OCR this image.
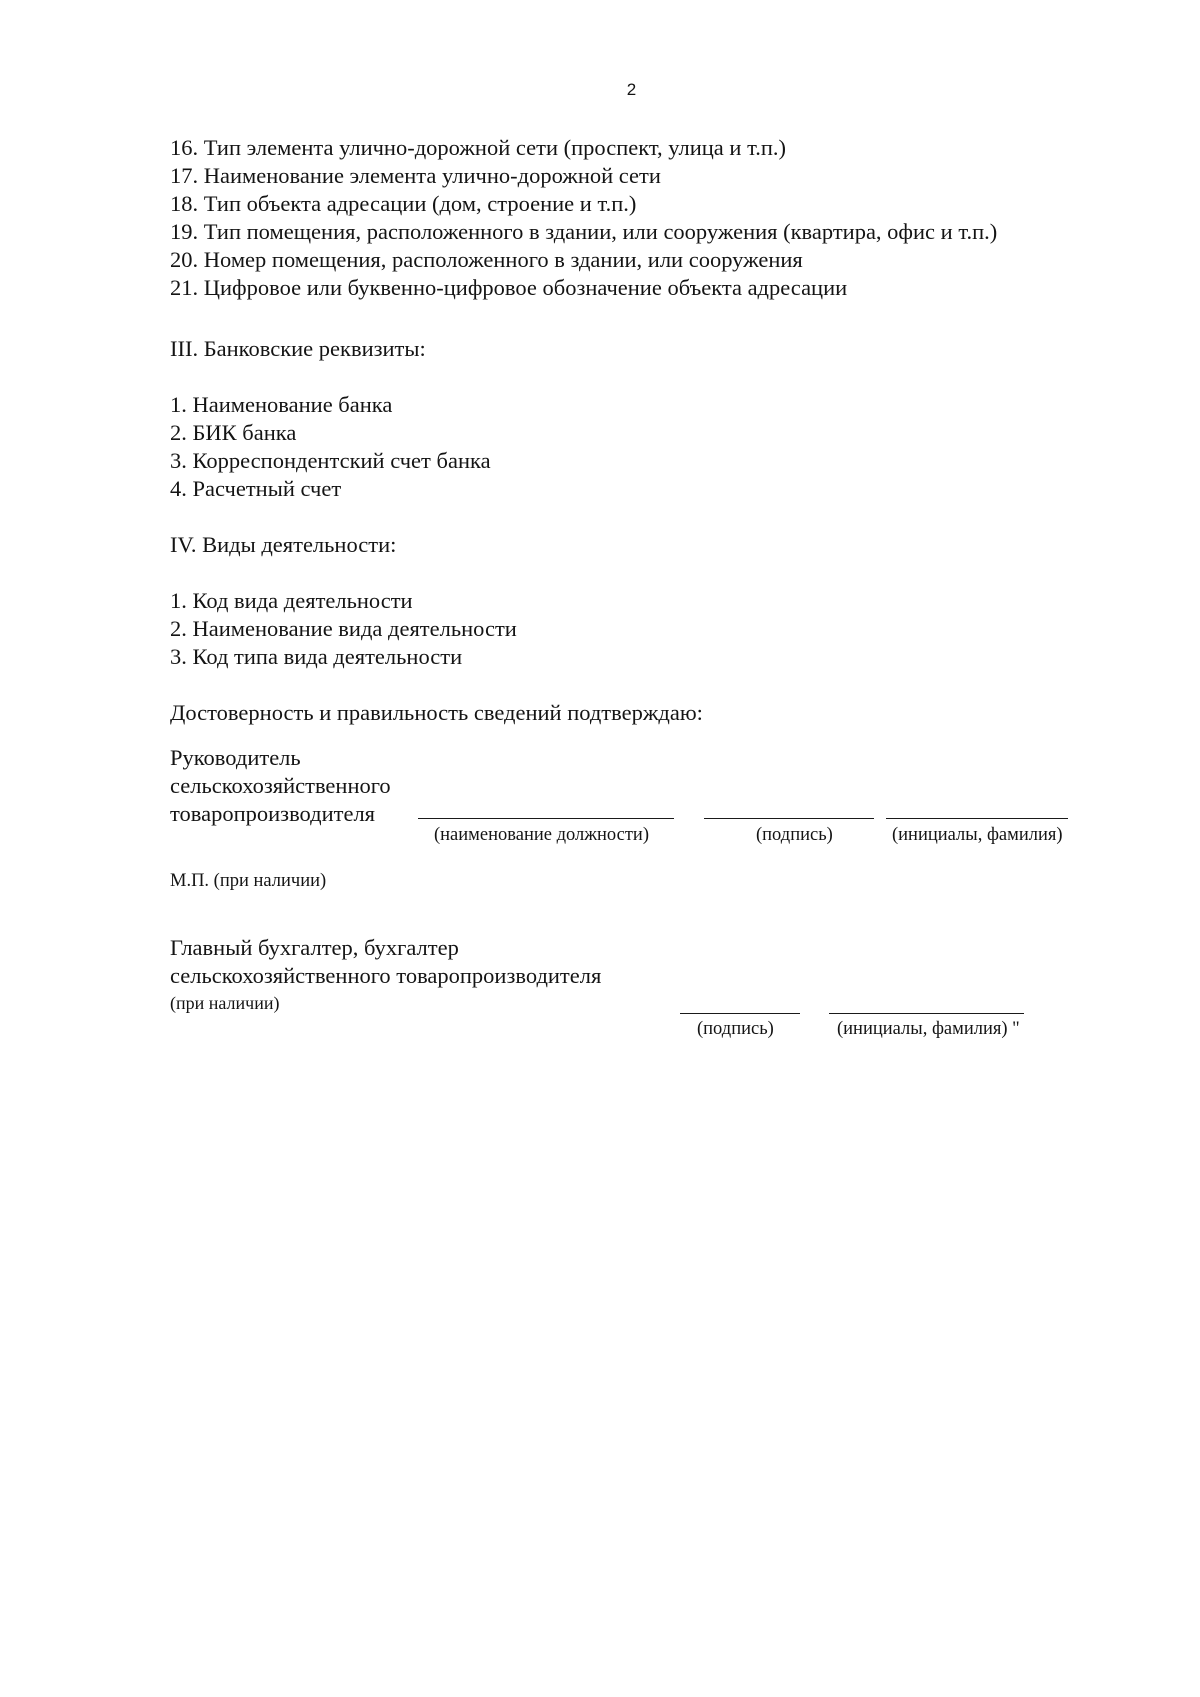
2
16. Тип элемента улично-дорожной сети (проспект, улица и т.п.)
17. Наименование элемента улично-дорожной сети
18. Тип объекта адресации (дом, строение и т.п.)
19. Тип помещения, расположенного в здании, или сооружения (квартира, офис и т.п.)
20. Номер помещения, расположенного в здании, или сооружения
21. Цифровое или буквенно-цифровое обозначение объекта адресации
III. Банковские реквизиты:
1. Наименование банка
2. БИК банка
3. Корреспондентский счет банка
4. Расчетный счет
IV. Виды деятельности:
1. Код вида деятельности
2. Наименование вида деятельности
3. Код типа вида деятельности
Достоверность и правильность сведений подтверждаю:
Руководитель
сельскохозяйственного
товаропроизводителя
(наименование должности)	(подпись)	(инициалы, фамилия)
М.П. (при наличии)
Главный бухгалтер, бухгалтер
сельскохозяйственного товаропроизводителя
(при наличии)
(подпись)	(инициалы, фамилия) "
